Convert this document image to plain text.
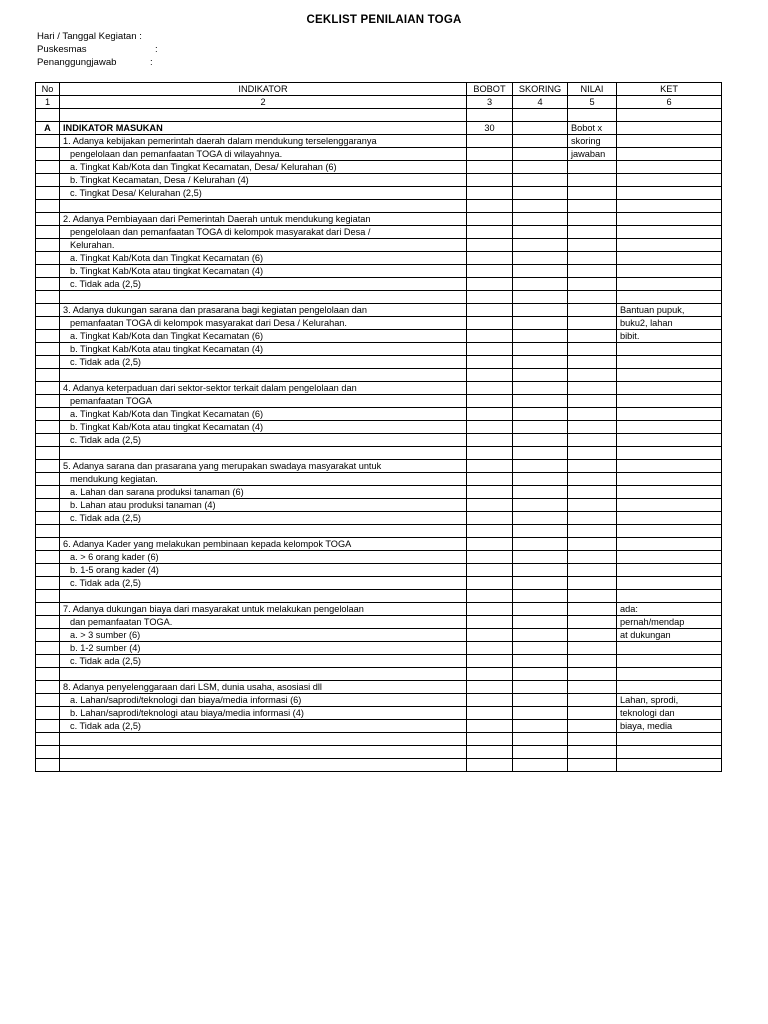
CEKLIST PENILAIAN TOGA
Hari / Tanggal Kegiatan :
Puskesmas	:
Penanggungjawab	:
No	INDIKATOR	BOBOT	SKORING	NILAI	KET
1	2	3	4	5	6

A	INDIKATOR MASUKAN	30		Bobot x	
	1. Adanya kebijakan pemerintah daerah dalam mendukung terselenggaranya			skoring	
	pengelolaan dan pemanfaatan TOGA di wilayahnya.			jawaban	
	a. Tingkat Kab/Kota dan Tingkat Kecamatan, Desa/ Kelurahan (6)				
	b. Tingkat Kecamatan, Desa / Kelurahan (4)				
	c. Tingkat Desa/ Kelurahan (2,5)				

	2. Adanya Pembiayaan dari Pemerintah Daerah untuk mendukung kegiatan				
	pengelolaan dan pemanfaatan TOGA di kelompok masyarakat dari Desa /				
	Kelurahan.				
	a. Tingkat Kab/Kota dan Tingkat Kecamatan (6)				
	b. Tingkat Kab/Kota atau tingkat Kecamatan (4)				
	c. Tidak ada (2,5)				

	3. Adanya dukungan sarana dan prasarana bagi kegiatan pengelolaan dan				Bantuan pupuk,
	pemanfaatan TOGA di kelompok masyarakat dari Desa / Kelurahan.				buku2, lahan
	a. Tingkat Kab/Kota dan Tingkat Kecamatan (6)				bibit.
	b. Tingkat Kab/Kota atau tingkat Kecamatan (4)				
	c. Tidak ada (2,5)				

	4. Adanya keterpaduan dari sektor-sektor terkait dalam pengelolaan dan				
	pemanfaatan TOGA				
	a. Tingkat Kab/Kota dan Tingkat Kecamatan (6)				
	b. Tingkat Kab/Kota atau tingkat Kecamatan (4)				
	c. Tidak ada (2,5)				

	5. Adanya sarana dan prasarana yang merupakan swadaya masyarakat untuk				
	mendukung kegiatan.				
	a. Lahan dan sarana produksi tanaman (6)				
	b. Lahan atau produksi tanaman (4)				
	c. Tidak ada (2,5)				

	6. Adanya Kader yang melakukan pembinaan kepada kelompok TOGA				
	a. > 6 orang kader (6)				
	b. 1-5 orang kader (4)				
	c. Tidak ada (2,5)				

	7. Adanya dukungan biaya dari masyarakat untuk melakukan pengelolaan				ada:
	dan pemanfaatan TOGA.				pernah/mendap
	a. > 3 sumber (6)				at dukungan
	b. 1-2 sumber (4)				
	c. Tidak ada (2,5)				

	8. Adanya penyelenggaraan dari LSM, dunia usaha, asosiasi dll				
	a. Lahan/saprodi/teknologi dan biaya/media informasi (6)				Lahan, sprodi,
	b. Lahan/saprodi/teknologi atau biaya/media informasi (4)				teknologi dan
	c. Tidak ada (2,5)				biaya, media
